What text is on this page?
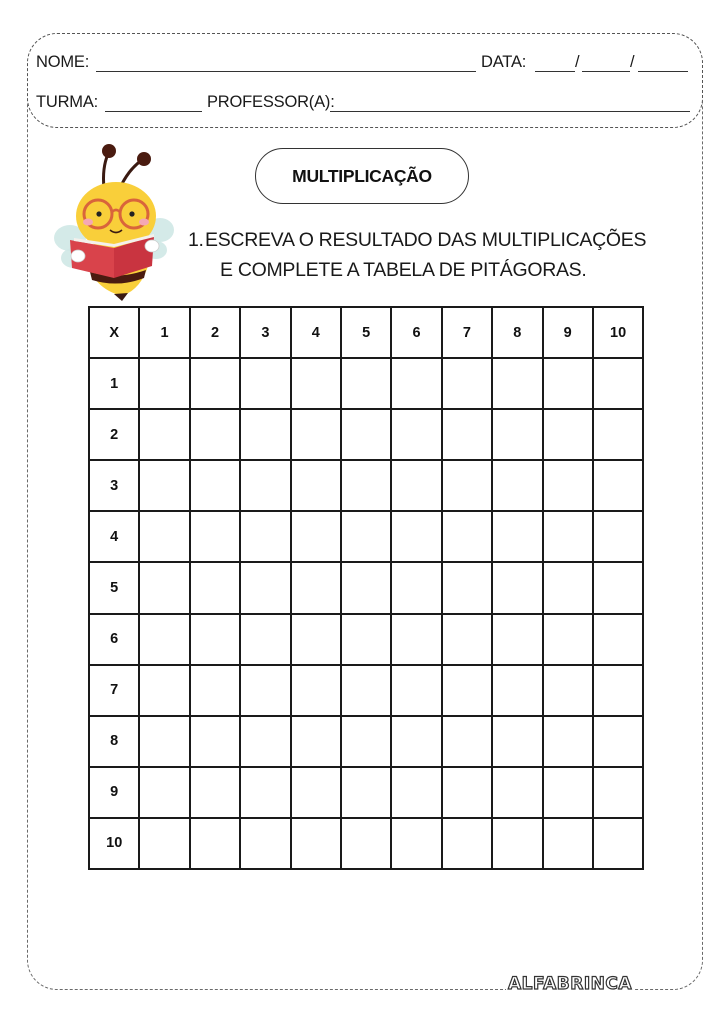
NOME:	DATA:	/	/
TURMA:	PROFESSOR(A):
MULTIPLICAÇÃO
1. ESCREVA O RESULTADO DAS MULTIPLICAÇÕES
E COMPLETE A TABELA DE PITÁGORAS.
X	1	2	3	4	5	6	7	8	9	10
1										
2										
3										
4										
5										
6										
7										
8										
9										
10										
ALFABRINCA
